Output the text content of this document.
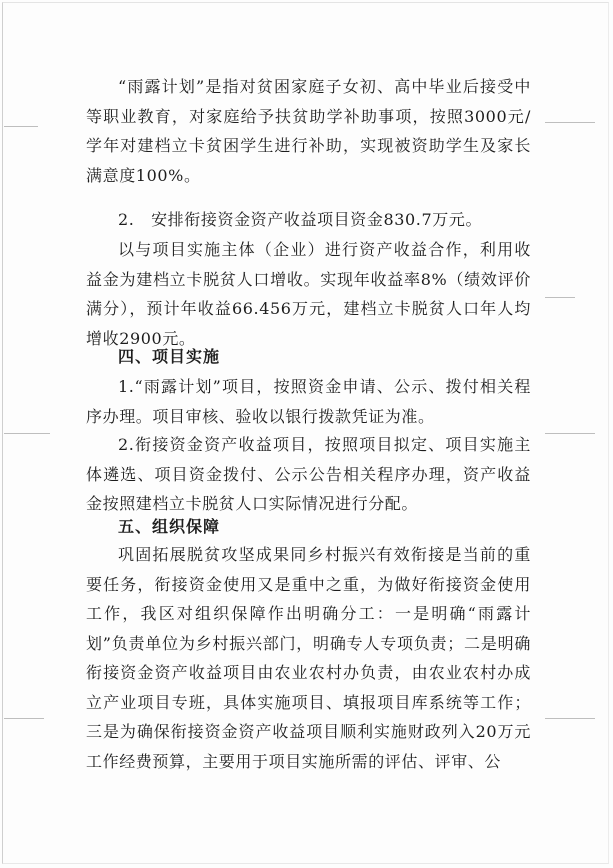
“雨露计划”是指对贫困家庭子女初、高中毕业后接受中等职业教育，对家庭给予扶贫助学补助事项，按照3000元/学年对建档立卡贫困学生进行补助，实现被资助学生及家长满意度100%。

2.　安排衔接资金资产收益项目资金830.7万元。

以与项目实施主体（企业）进行资产收益合作，利用收益金为建档立卡脱贫人口增收。实现年收益率8%（绩效评价满分），预计年收益66.456万元，建档立卡脱贫人口年人均增收2900元。

四、项目实施

1.“雨露计划”项目，按照资金申请、公示、拨付相关程序办理。项目审核、验收以银行拨款凭证为准。

2.衔接资金资产收益项目，按照项目拟定、项目实施主体遴选、项目资金拨付、公示公告相关程序办理，资产收益金按照建档立卡脱贫人口实际情况进行分配。

五、组织保障

巩固拓展脱贫攻坚成果同乡村振兴有效衔接是当前的重要任务，衔接资金使用又是重中之重，为做好衔接资金使用工作，我区对组织保障作出明确分工：一是明确“雨露计划”负责单位为乡村振兴部门，明确专人专项负责；二是明确衔接资金资产收益项目由农业农村办负责，由农业农村办成立产业项目专班，具体实施项目、填报项目库系统等工作；三是为确保衔接资金资产收益项目顺利实施财政列入20万元工作经费预算，主要用于项目实施所需的评估、评审、公
